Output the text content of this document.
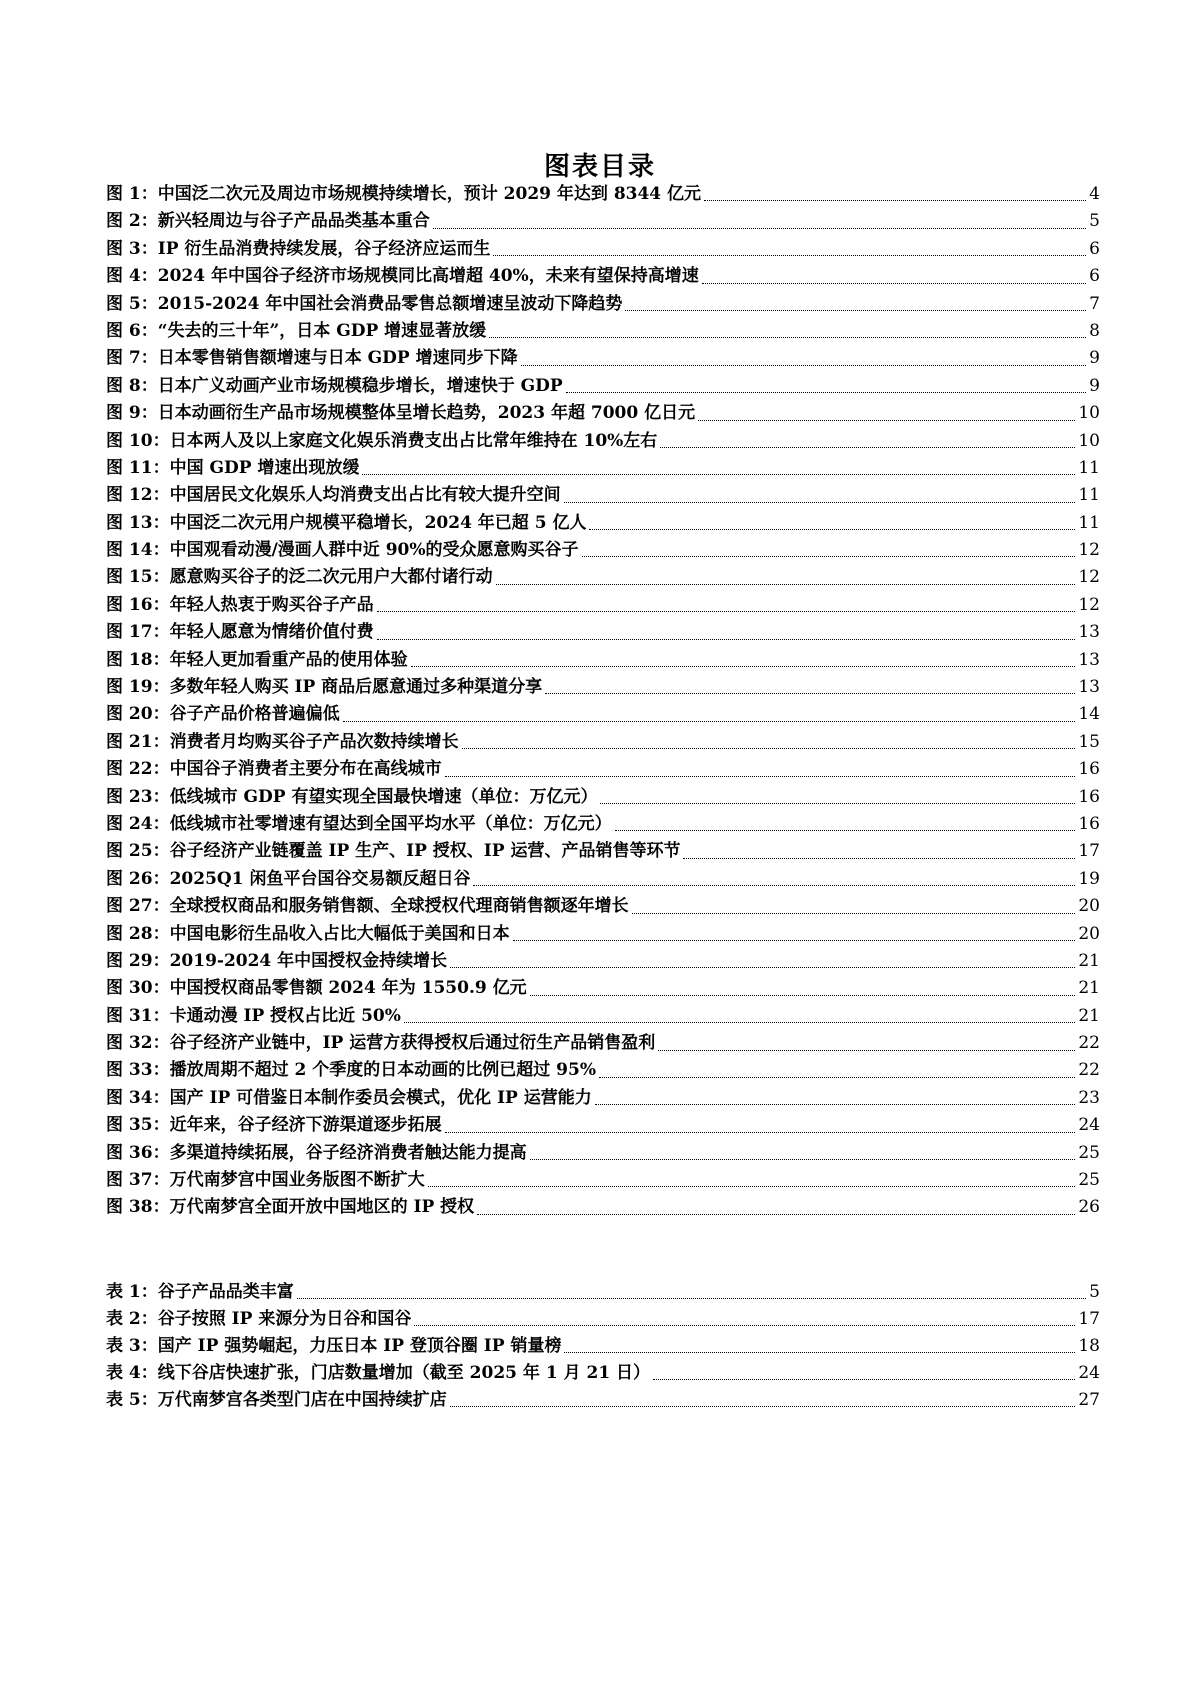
图表目录
图 1： 中国泛二次元及周边市场规模持续增长，预计 2029 年达到 8344 亿元	4
图 2： 新兴轻周边与谷子产品品类基本重合	5
图 3： IP 衍生品消费持续发展，谷子经济应运而生	6
图 4： 2024 年中国谷子经济市场规模同比高增超 40%，未来有望保持高增速	6
图 5： 2015-2024 年中国社会消费品零售总额增速呈波动下降趋势	7
图 6： “失去的三十年”，日本 GDP 增速显著放缓	8
图 7： 日本零售销售额增速与日本 GDP 增速同步下降	9
图 8： 日本广义动画产业市场规模稳步增长，增速快于 GDP	9
图 9： 日本动画衍生产品市场规模整体呈增长趋势，2023 年超 7000 亿日元	10
图 10： 日本两人及以上家庭文化娱乐消费支出占比常年维持在 10%左右	10
图 11： 中国 GDP 增速出现放缓	11
图 12： 中国居民文化娱乐人均消费支出占比有较大提升空间	11
图 13： 中国泛二次元用户规模平稳增长，2024 年已超 5 亿人	11
图 14： 中国观看动漫/漫画人群中近 90%的受众愿意购买谷子	12
图 15： 愿意购买谷子的泛二次元用户大都付诸行动	12
图 16： 年轻人热衷于购买谷子产品	12
图 17： 年轻人愿意为情绪价值付费	13
图 18： 年轻人更加看重产品的使用体验	13
图 19： 多数年轻人购买 IP 商品后愿意通过多种渠道分享	13
图 20： 谷子产品价格普遍偏低	14
图 21： 消费者月均购买谷子产品次数持续增长	15
图 22： 中国谷子消费者主要分布在高线城市	16
图 23： 低线城市 GDP 有望实现全国最快增速（单位：万亿元）	16
图 24： 低线城市社零增速有望达到全国平均水平（单位：万亿元）	16
图 25： 谷子经济产业链覆盖 IP 生产、IP 授权、IP 运营、产品销售等环节	17
图 26： 2025Q1 闲鱼平台国谷交易额反超日谷	19
图 27： 全球授权商品和服务销售额、全球授权代理商销售额逐年增长	20
图 28： 中国电影衍生品收入占比大幅低于美国和日本	20
图 29： 2019-2024 年中国授权金持续增长	21
图 30： 中国授权商品零售额 2024 年为 1550.9 亿元	21
图 31： 卡通动漫 IP 授权占比近 50%	21
图 32： 谷子经济产业链中，IP 运营方获得授权后通过衍生产品销售盈利	22
图 33： 播放周期不超过 2 个季度的日本动画的比例已超过 95%	22
图 34： 国产 IP 可借鉴日本制作委员会模式，优化 IP 运营能力	23
图 35： 近年来，谷子经济下游渠道逐步拓展	24
图 36： 多渠道持续拓展，谷子经济消费者触达能力提高	25
图 37： 万代南梦宫中国业务版图不断扩大	25
图 38： 万代南梦宫全面开放中国地区的 IP 授权	26
表 1： 谷子产品品类丰富	5
表 2： 谷子按照 IP 来源分为日谷和国谷	17
表 3： 国产 IP 强势崛起，力压日本 IP 登顶谷圈 IP 销量榜	18
表 4： 线下谷店快速扩张，门店数量增加（截至 2025 年 1 月 21 日）	24
表 5： 万代南梦宫各类型门店在中国持续扩店	27
